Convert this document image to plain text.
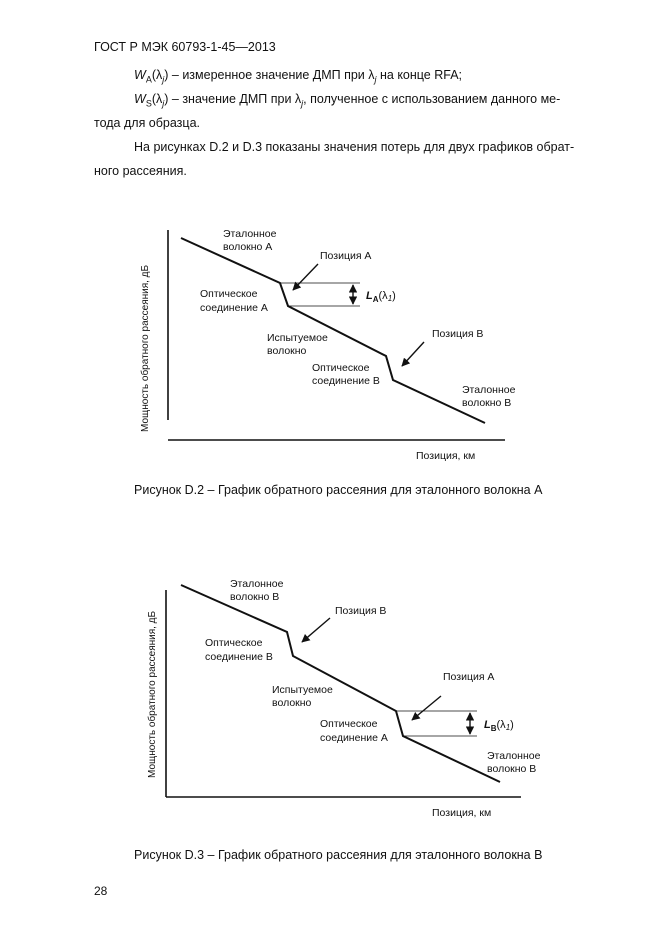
ГОСТ Р МЭК 60793-1-45—2013
$W_A(\lambda_j)$ – измеренное значение ДМП при $\lambda_j$ на конце RFA;
$W_S(\lambda_j)$ – значение ДМП при $\lambda_j$, полученное с использованием данного ме-
тода для образца.
На рисунках D.2 и D.3 показаны значения потерь для двух графиков обрат-
ного рассеяния.
Мощность обратного рассеяния, дБ
Позиция, км
Эталонное
волокно A
Позиция A
Оптическое
соединение A
Испытуемое
волокно
Позиция B
Оптическое
соединение B
Эталонное
волокно B
$L_A(\lambda 1)$
Рисунок D.2 – График обратного рассеяния для эталонного волокна A
Мощность обратного рассеяния, дБ
Позиция, км
Эталонное
волокно B
Позиция B
Оптическое
соединение B
Испытуемое
волокно
Позиция A
Оптическое
соединение A
Эталонное
волокно B
$L_B(\lambda 1)$
Рисунок D.3 – График обратного рассеяния для эталонного волокна B
28
